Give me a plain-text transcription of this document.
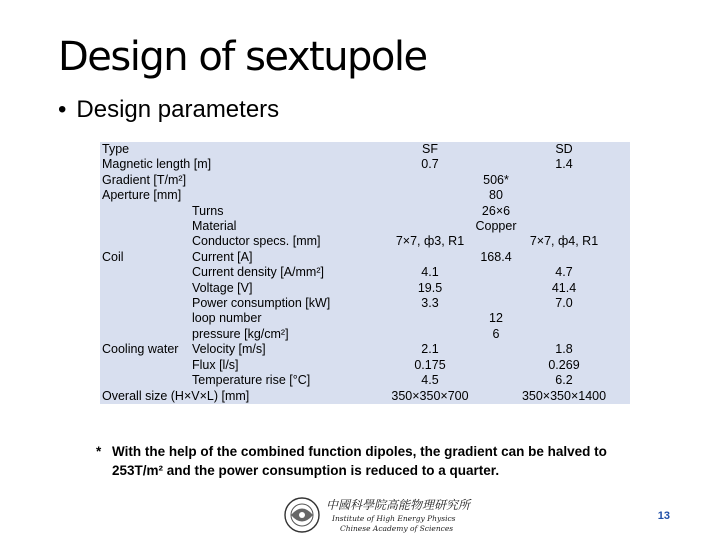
Design of sextupole
• Design parameters
Type		SF	SD
Magnetic length [m]		0.7	1.4
Gradient [T/m²]		506*	
Aperture [mm]		80	
Coil	Turns	26×6	
	Material	Copper	
	Conductor specs. [mm]	7×7, ф3, R1	7×7, ф4, R1
	Current [A]	168.4	
	Current density [A/mm²]	4.1	4.7
	Voltage [V]	19.5	41.4
	Power consumption [kW]	3.3	7.0
Cooling water	loop number	12	
	pressure [kg/cm²]	6	
	Velocity [m/s]	2.1	1.8
	Flux [l/s]	0.175	0.269
	Temperature rise [°C]	4.5	6.2
Overall size (H×V×L) [mm]		350×350×700	350×350×1400
* With the help of the combined function dipoles, the gradient can be halved to 253T/m² and the power consumption is reduced to a quarter.
中國科學院高能物理研究所
Institute of High Energy Physics
Chinese Academy of Sciences
13
